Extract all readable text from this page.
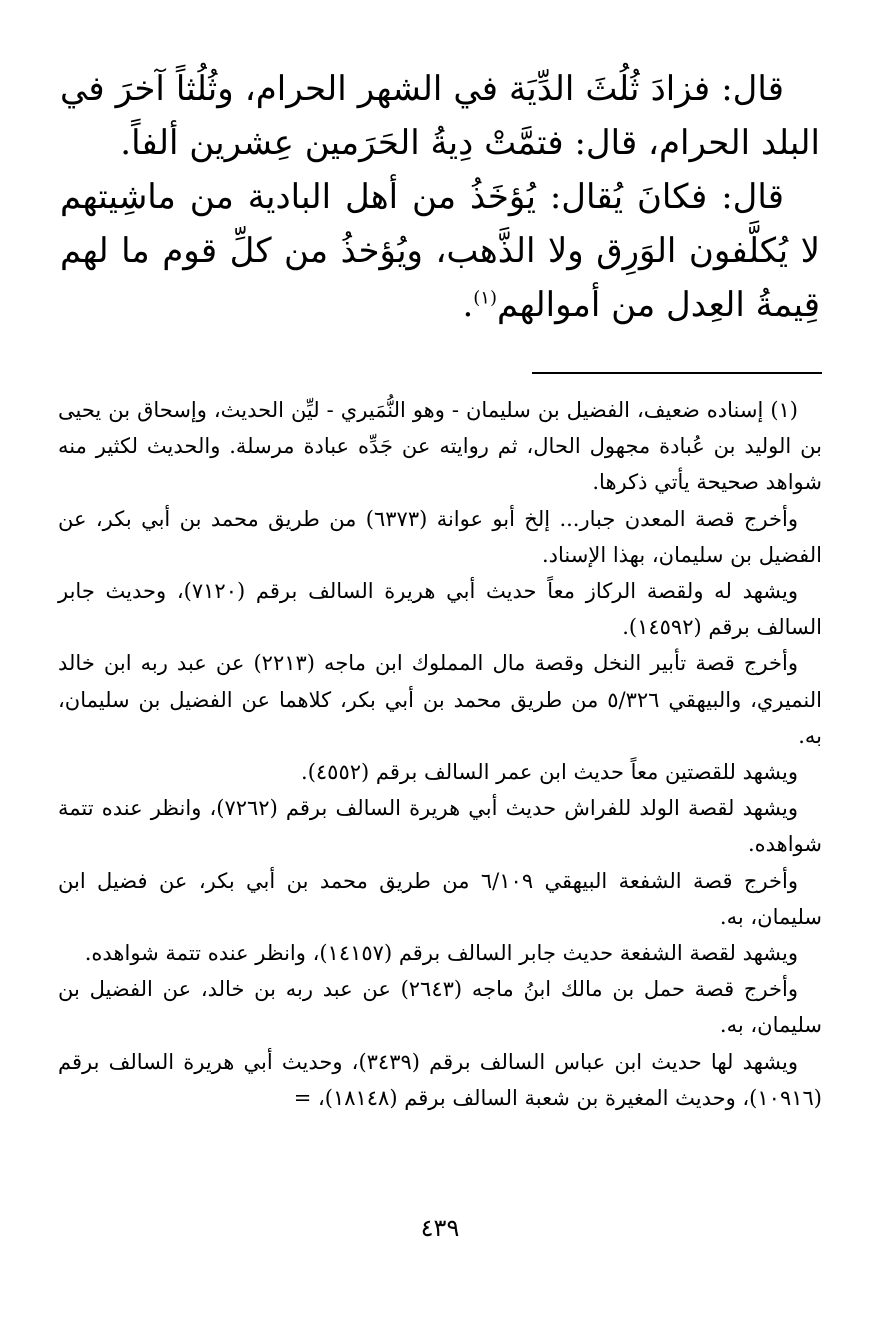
قال: فزادَ ثُلُثَ الدِّيَة في الشهر الحرام، وثُلُثاً آخرَ في البلد الحرام، قال: فتمَّتْ دِيةُ الحَرَمين عِشرين ألفاً.

قال: فكانَ يُقال: يُؤخَذُ من أهل البادية من ماشِيتهم لا يُكلَّفون الوَرِق ولا الذَّهب، ويُؤخذُ من كلِّ قوم ما لهم قِيمةُ العِدل من أموالهم$^{(١)}$.

(١) إسناده ضعيف، الفضيل بن سليمان - وهو النُّمَيري - ليِّن الحديث، وإسحاق بن يحيى بن الوليد بن عُبادة مجهول الحال، ثم روايته عن جَدِّه عبادة مرسلة. والحديث لكثير منه شواهد صحيحة يأتي ذكرها.

وأخرج قصة المعدن جبار... إلخ أبو عوانة (٦٣٧٣) من طريق محمد بن أبي بكر، عن الفضيل بن سليمان، بهذا الإسناد.

ويشهد له ولقصة الركاز معاً حديث أبي هريرة السالف برقم (٧١٢٠)، وحديث جابر السالف برقم (١٤٥٩٢).

وأخرج قصة تأبير النخل وقصة مال المملوك ابن ماجه (٢٢١٣) عن عبد ربه ابن خالد النميري، والبيهقي ٥/٣٢٦ من طريق محمد بن أبي بكر، كلاهما عن الفضيل بن سليمان، به.

ويشهد للقصتين معاً حديث ابن عمر السالف برقم (٤٥٥٢).

ويشهد لقصة الولد للفراش حديث أبي هريرة السالف برقم (٧٢٦٢)، وانظر عنده تتمة شواهده.

وأخرج قصة الشفعة البيهقي ٦/١٠٩ من طريق محمد بن أبي بكر، عن فضيل ابن سليمان، به.

ويشهد لقصة الشفعة حديث جابر السالف برقم (١٤١٥٧)، وانظر عنده تتمة شواهده.

وأخرج قصة حمل بن مالك ابنُ ماجه (٢٦٤٣) عن عبد ربه بن خالد، عن الفضيل بن سليمان، به.

ويشهد لها حديث ابن عباس السالف برقم (٣٤٣٩)، وحديث أبي هريرة السالف برقم (١٠٩١٦)، وحديث المغيرة بن شعبة السالف برقم (١٨١٤٨)، =

٤٣٩
